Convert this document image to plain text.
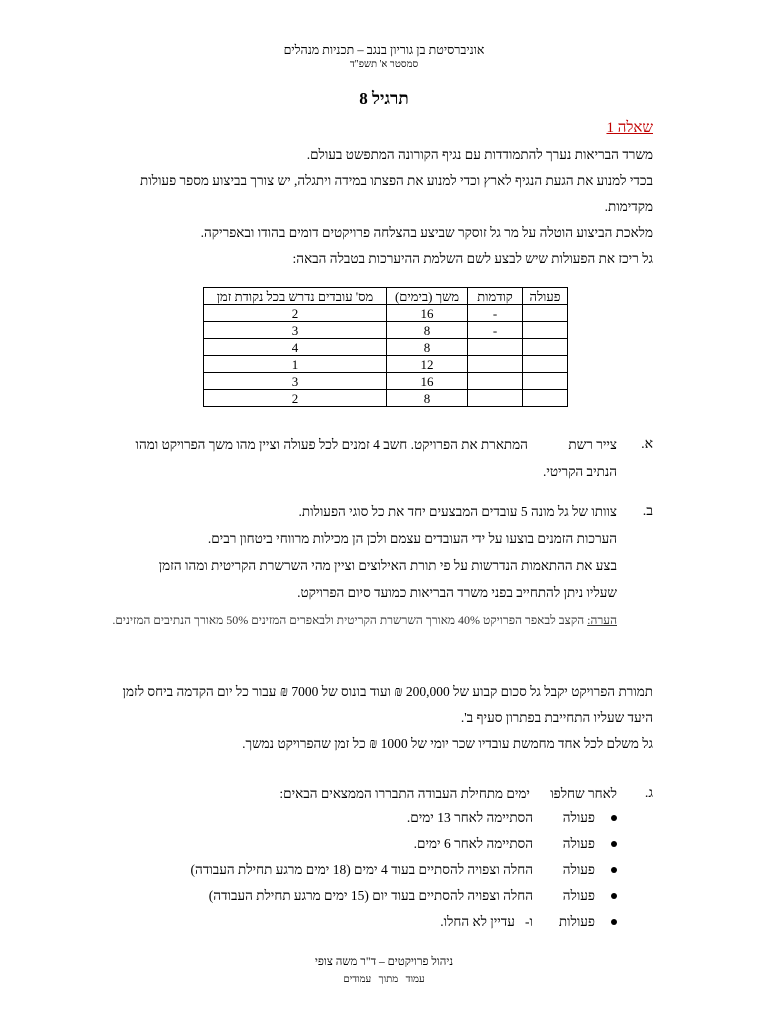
אוניברסיטת בן גוריון בנגב – תכניות מנהלים
סמסטר א' תשפ"ד
תרגיל 8
שאלה 1
משרד הבריאות נערך להתמודדות עם נגיף הקורונה המתפשט בעולם.
בכדי למנוע את הגעת הנגיף לארץ וכדי למנוע את הפצתו במידה ויתגלה, יש צורך בביצוע מספר פעולות מקדימות.
מלאכת הביצוע הוטלה על מר גל זוסקר שביצע בהצלחה פרויקטים דומים בהודו ובאפריקה.
גל ריכז את הפעולות שיש לבצע לשם השלמת ההיערכות בטבלה הבאה:
פעולה	קודמות	משך (בימים)	מס' עובדים נדרש בכל נקודת זמן
	-	16	2
	-	8	3
		8	4
		12	1
		16	3
		8	2
א.
צייר רשת            המתארת את הפרויקט. חשב 4 זמנים לכל פעולה וציין מהו משך הפרויקט ומהו הנתיב הקריטי.
ב.
צוותו של גל מונה 5 עובדים המבצעים יחד את כל סוגי הפעולות.
הערכות הזמנים בוצעו על ידי העובדים עצמם ולכן הן מכילות מרווחי ביטחון רבים.
בצע את ההתאמות הנדרשות על פי תורת האילוצים וציין מהי השרשרת הקריטית ומהו הזמן
שעליו ניתן להתחייב בפני משרד הבריאות כמועד סיום הפרויקט.
הערה: הקצב לבאפר הפרויקט 40% מאורך השרשרת הקריטית ולבאפרים המזינים 50% מאורך הנתיבים המזינים.
תמורת הפרויקט יקבל גל סכום קבוע של 200,000 ₪ ועוד בונוס של 7000 ₪ עבור כל יום הקדמה ביחס לזמן היעד שעליו התחייבת בפתרון סעיף ב'.
גל משלם לכל אחד מחמשת עובדיו שכר יומי של 1000 ₪ כל זמן שהפרויקט נמשך.
ג.
לאחר שחלפו      ימים מתחילת העבודה התבררו הממצאים הבאים:
פעולההסתיימה לאחר 13 ימים.
פעולההסתיימה לאחר 6 ימים.
פעולההחלה וצפויה להסתיים בעוד 4 ימים (18 ימים מרגע תחילת העבודה)
פעולההחלה וצפויה להסתיים בעוד יום (15 ימים מרגע תחילת העבודה)
פעולותו-   עדיין לא החלו.
ניהול פרויקטים – ד"ר משה צופי
עמוד   מתוך   עמודים
